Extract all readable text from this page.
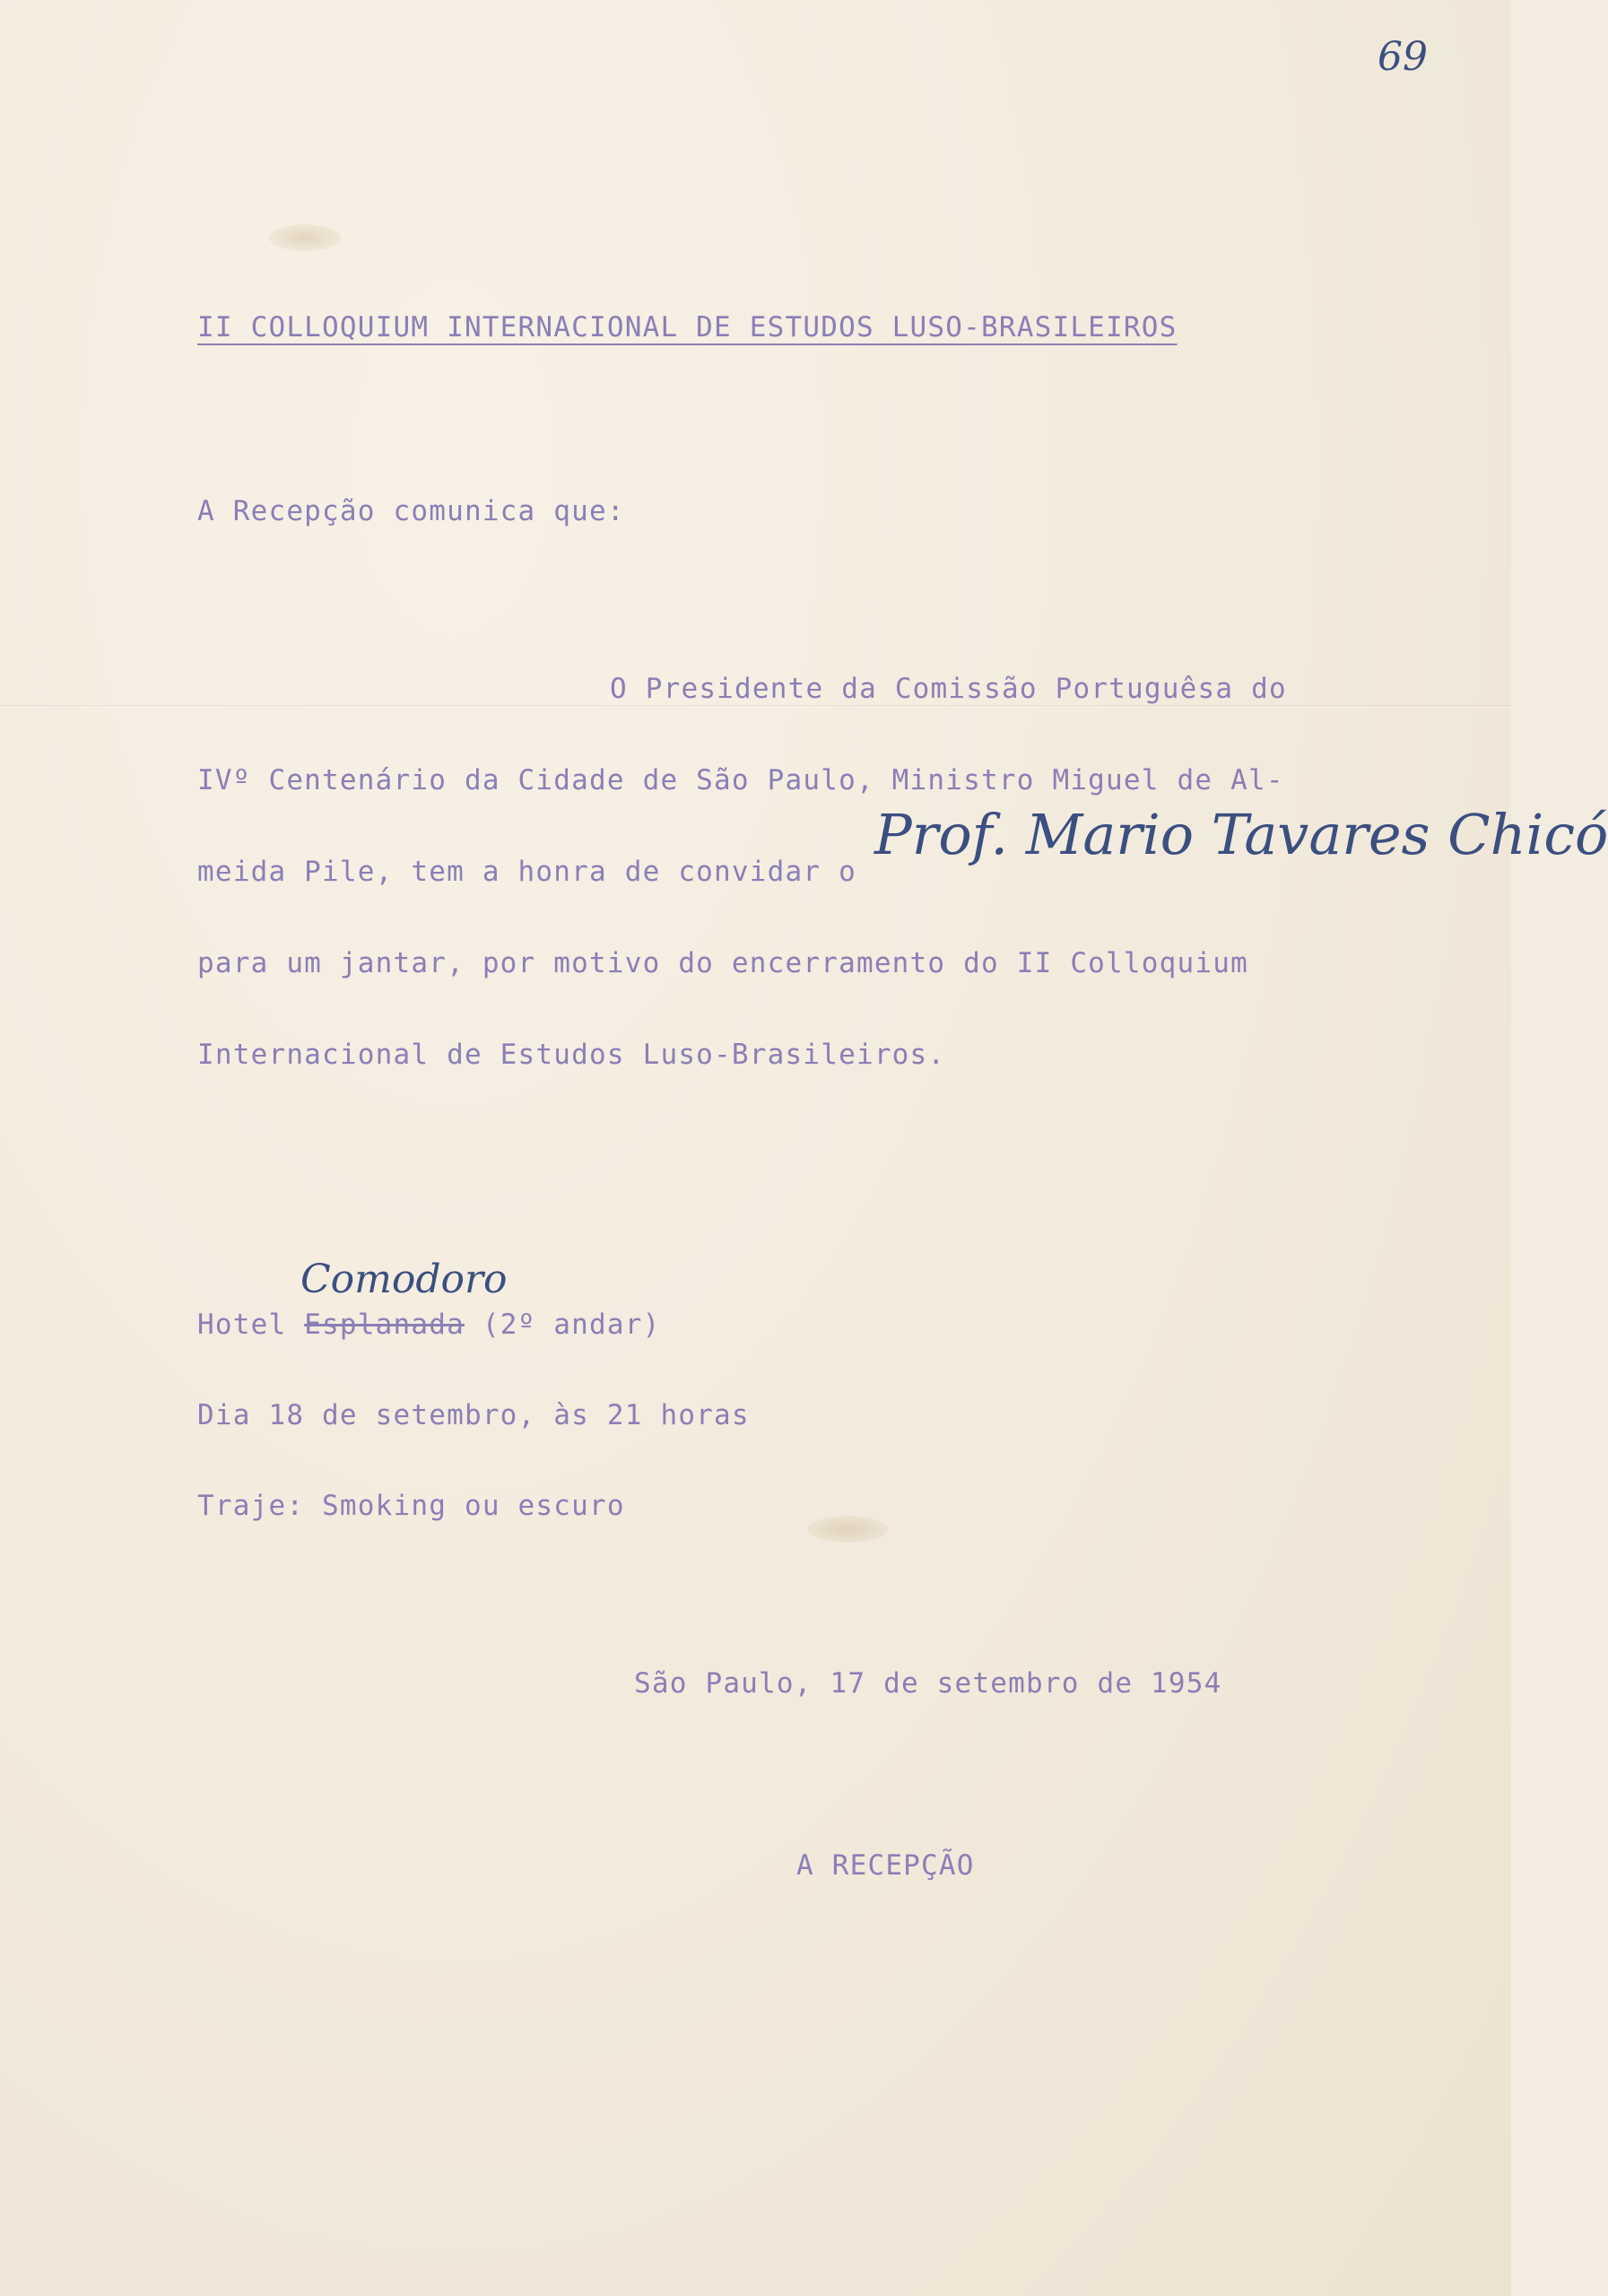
69
II COLLOQUIUM INTERNACIONAL DE ESTUDOS LUSO-BRASILEIROS
A Recepção comunica que:
O Presidente da Comissão Portuguêsa do
IVº Centenário da Cidade de São Paulo, Ministro Miguel de Al-
meida Pile, tem a honra de convidar o
Prof. Mario Tavares Chicó
para um jantar, por motivo do encerramento do II Colloquium
Internacional de Estudos Luso-Brasileiros.
Comodoro
Hotel Esplanada (2º andar)
Dia 18 de setembro, às 21 horas
Traje: Smoking ou escuro
São Paulo, 17 de setembro de 1954
A RECEPÇÃO
